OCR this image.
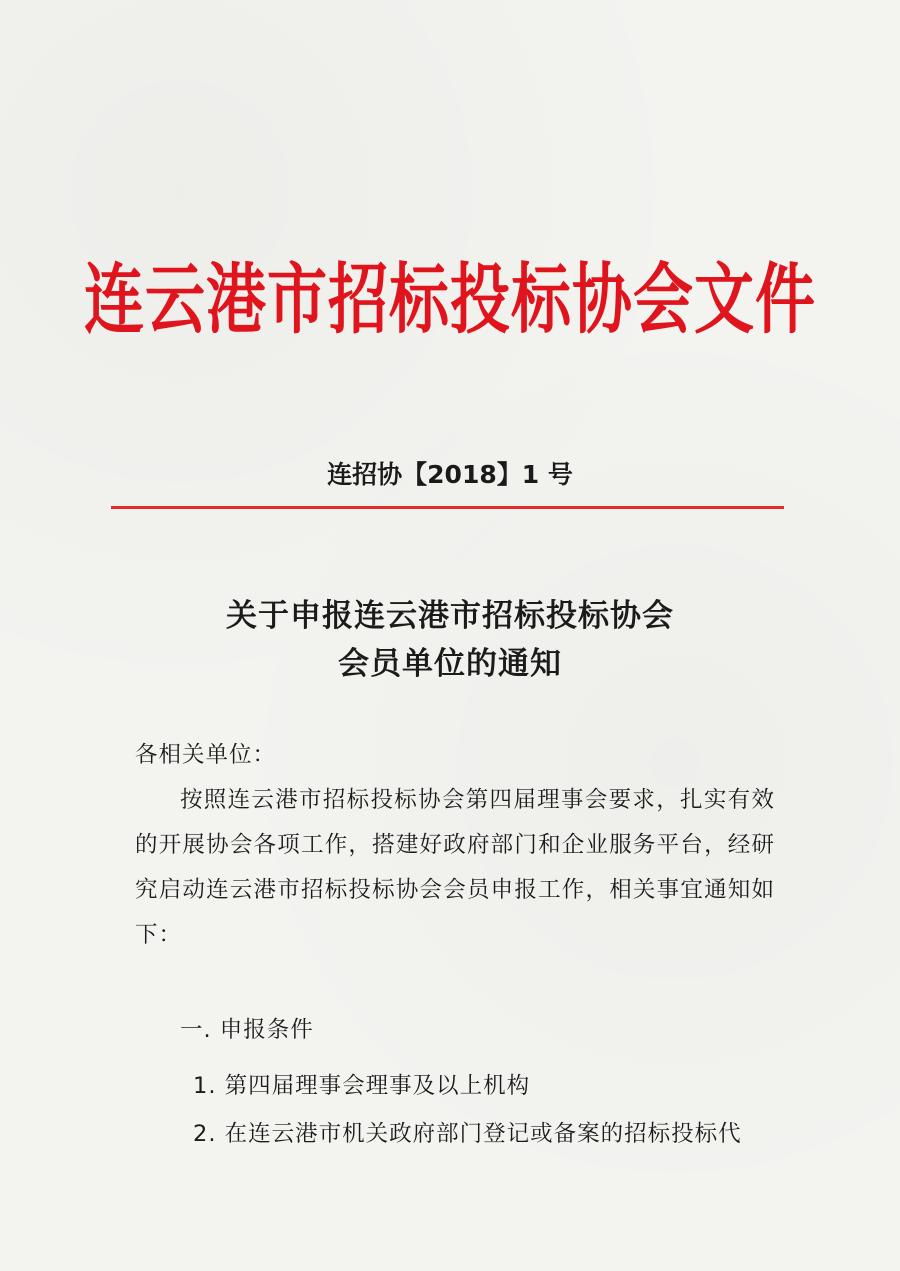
连云港市招标投标协会文件
连招协【2018】1 号
关于申报连云港市招标投标协会
会员单位的通知

各相关单位：

按照连云港市招标投标协会第四届理事会要求，扎实有效的开展协会各项工作，搭建好政府部门和企业服务平台，经研究启动连云港市招标投标协会会员申报工作，相关事宜通知如下：

一. 申报条件
1. 第四届理事会理事及以上机构
2. 在连云港市机关政府部门登记或备案的招标投标代
